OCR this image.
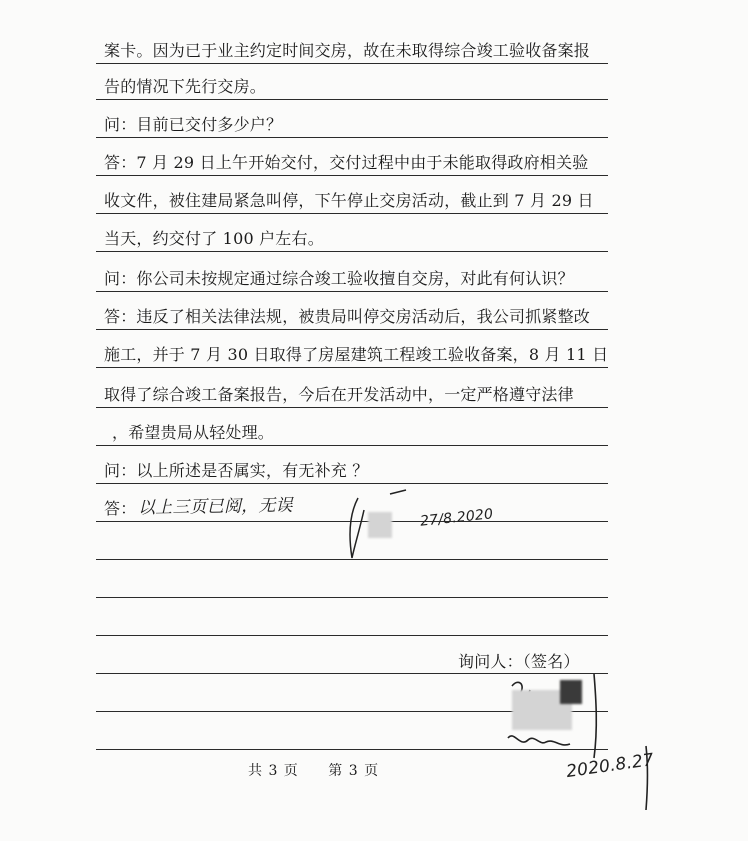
案卡。因为已于业主约定时间交房，故在未取得综合竣工验收备案报
告的情况下先行交房。
问：目前已交付多少户？
答：7 月 29 日上午开始交付，交付过程中由于未能取得政府相关验
收文件，被住建局紧急叫停，下午停止交房活动，截止到 7 月 29 日
当天，约交付了 100 户左右。
问：你公司未按规定通过综合竣工验收擅自交房，对此有何认识？
答：违反了相关法律法规，被贵局叫停交房活动后，我公司抓紧整改
施工，并于 7 月 30 日取得了房屋建筑工程竣工验收备案，8 月 11 日
取得了综合竣工备案报告，今后在开发活动中，一定严格遵守法律
，希望贵局从轻处理。
问：以上所述是否属实，有无补充 ？
答： 以上三页已阅，无误	27/8.2020
询问人：（签名）
2020.8.27
共 3 页 第 3 页
